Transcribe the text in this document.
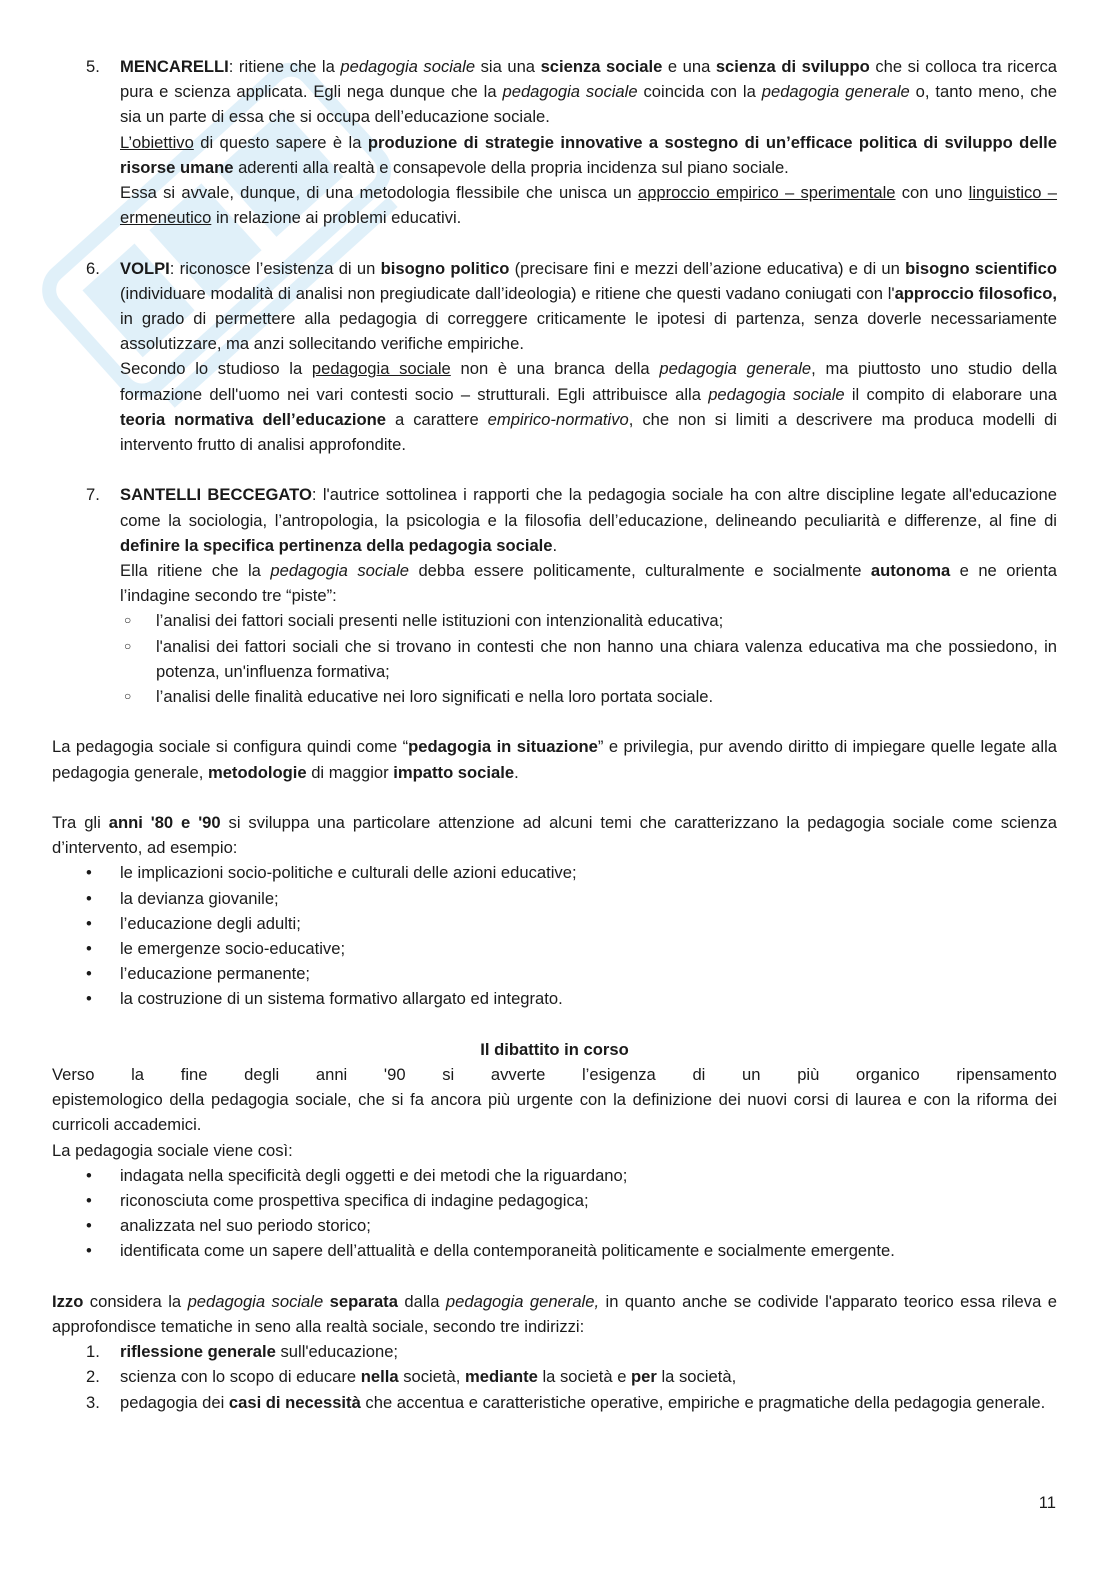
5. MENCARELLI: ritiene che la pedagogia sociale sia una scienza sociale e una scienza di sviluppo che si colloca tra ricerca pura e scienza applicata. Egli nega dunque che la pedagogia sociale coincida con la pedagogia generale o, tanto meno, che sia un parte di essa che si occupa dell’educazione sociale.

L’obiettivo di questo sapere è la produzione di strategie innovative a sostegno di un’efficace politica di sviluppo delle risorse umane aderenti alla realtà e consapevole della propria incidenza sul piano sociale.

Essa si avvale, dunque, di una metodologia flessibile che unisca un approccio empirico – sperimentale con uno linguistico – ermeneutico in relazione ai problemi educativi.

6. VOLPI: riconosce l’esistenza di un bisogno politico (precisare fini e mezzi dell’azione educativa) e di un bisogno scientifico (individuare modalità di analisi non pregiudicate dall’ideologia) e ritiene che questi vadano coniugati con l'approccio filosofico, in grado di permettere alla pedagogia di correggere criticamente le ipotesi di partenza, senza doverle necessariamente assolutizzare, ma anzi sollecitando verifiche empiriche.

Secondo lo studioso la pedagogia sociale non è una branca della pedagogia generale, ma piuttosto uno studio della formazione dell'uomo nei vari contesti socio – strutturali. Egli attribuisce alla pedagogia sociale il compito di elaborare una teoria normativa dell’educazione a carattere empirico-normativo, che non si limiti a descrivere ma produca modelli di intervento frutto di analisi approfondite.

7. SANTELLI BECCEGATO: l'autrice sottolinea i rapporti che la pedagogia sociale ha con altre discipline legate all'educazione come la sociologia, l’antropologia, la psicologia e la filosofia dell’educazione, delineando peculiarità e differenze, al fine di definire la specifica pertinenza della pedagogia sociale.

Ella ritiene che la pedagogia sociale debba essere politicamente, culturalmente e socialmente autonoma e ne orienta l’indagine secondo tre “piste”:

○ l’analisi dei fattori sociali presenti nelle istituzioni con intenzionalità educativa;

○ l'analisi dei fattori sociali che si trovano in contesti che non hanno una chiara valenza educativa ma che possiedono, in potenza, un'influenza formativa;

○ l’analisi delle finalità educative nei loro significati e nella loro portata sociale.

La pedagogia sociale si configura quindi come “pedagogia in situazione” e privilegia, pur avendo diritto di impiegare quelle legate alla pedagogia generale, metodologie di maggior impatto sociale.

Tra gli anni '80 e '90 si sviluppa una particolare attenzione ad alcuni temi che caratterizzano la pedagogia sociale come scienza d’intervento, ad esempio:

• le implicazioni socio-politiche e culturali delle azioni educative;
• la devianza giovanile;
• l’educazione degli adulti;
• le emergenze socio-educative;
• l’educazione permanente;
• la costruzione di un sistema formativo allargato ed integrato.

Il dibattito in corso

Verso la fine degli anni '90 si avverte l’esigenza di un più organico ripensamento

epistemologico della pedagogia sociale, che si fa ancora più urgente con la definizione dei nuovi corsi di laurea e con la riforma dei curricoli accademici.

La pedagogia sociale viene così:

• indagata nella specificità degli oggetti e dei metodi che la riguardano;
• riconosciuta come prospettiva specifica di indagine pedagogica;
• analizzata nel suo periodo storico;
• identificata come un sapere dell’attualità e della contemporaneità politicamente e socialmente emergente.

Izzo considera la pedagogia sociale separata dalla pedagogia generale, in quanto anche se codivide l'apparato teorico essa rileva e approfondisce tematiche in seno alla realtà sociale, secondo tre indirizzi:

1. riflessione generale sull'educazione;

2. scienza con lo scopo di educare nella società, mediante la società e per la società,

3. pedagogia dei casi di necessità che accentua e caratteristiche operative, empiriche e pragmatiche della pedagogia generale.

11
